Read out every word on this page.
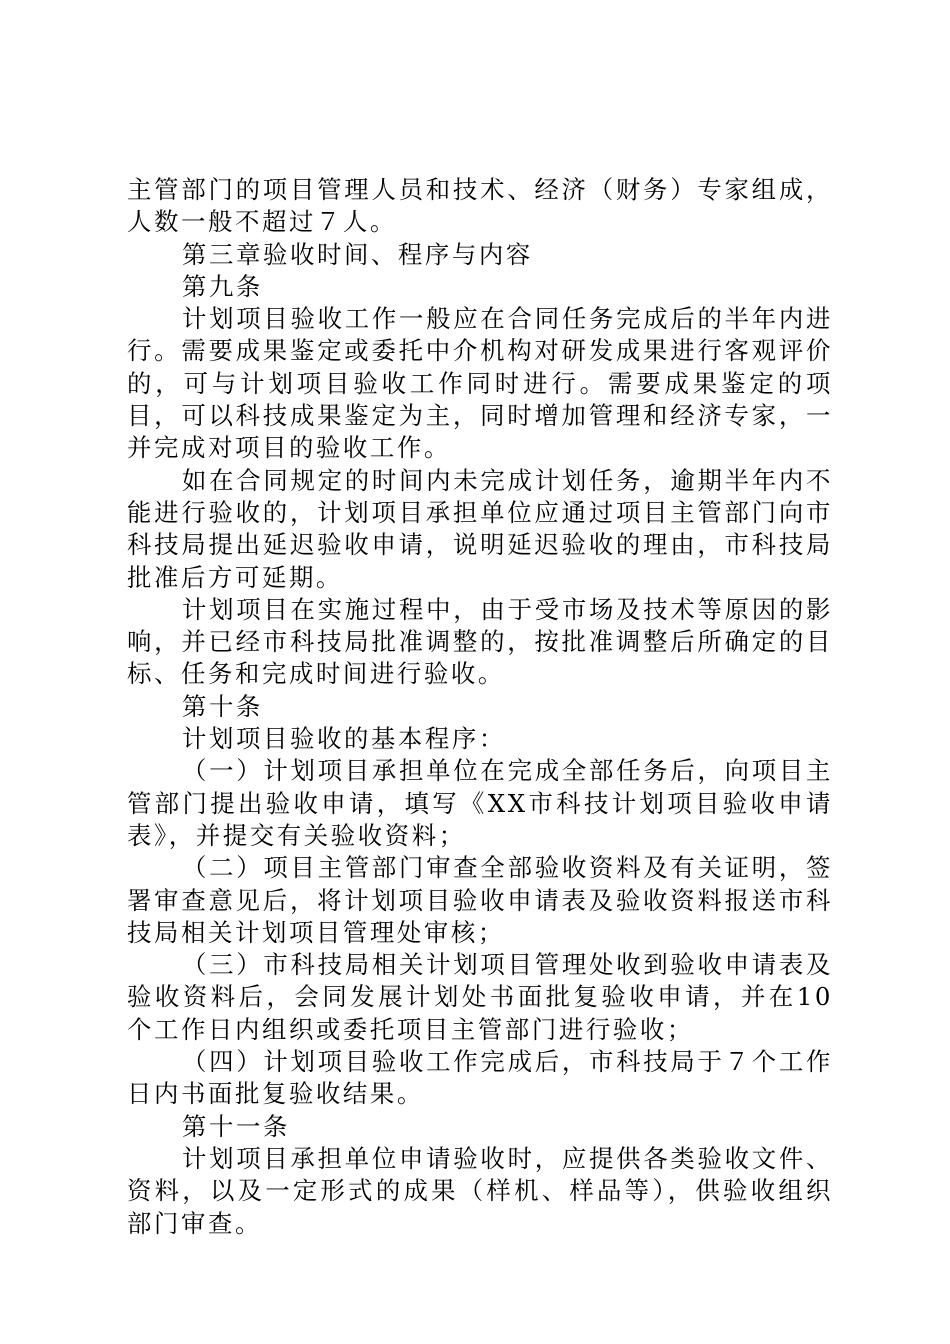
主管部门的项目管理人员和技术、经济（财务）专家组成，人数一般不超过７人。

第三章验收时间、程序与内容

第九条

计划项目验收工作一般应在合同任务完成后的半年内进行。需要成果鉴定或委托中介机构对研发成果进行客观评价的，可与计划项目验收工作同时进行。需要成果鉴定的项目，可以科技成果鉴定为主，同时增加管理和经济专家，一并完成对项目的验收工作。

如在合同规定的时间内未完成计划任务，逾期半年内不能进行验收的，计划项目承担单位应通过项目主管部门向市科技局提出延迟验收申请，说明延迟验收的理由，市科技局批准后方可延期。

计划项目在实施过程中，由于受市场及技术等原因的影响，并已经市科技局批准调整的，按批准调整后所确定的目标、任务和完成时间进行验收。

第十条

计划项目验收的基本程序：

（一）计划项目承担单位在完成全部任务后，向项目主管部门提出验收申请，填写《XX市科技计划项目验收申请表》，并提交有关验收资料；

（二）项目主管部门审查全部验收资料及有关证明，签署审查意见后，将计划项目验收申请表及验收资料报送市科技局相关计划项目管理处审核；

（三）市科技局相关计划项目管理处收到验收申请表及验收资料后，会同发展计划处书面批复验收申请，并在10个工作日内组织或委托项目主管部门进行验收；

（四）计划项目验收工作完成后，市科技局于７个工作日内书面批复验收结果。

第十一条

计划项目承担单位申请验收时，应提供各类验收文件、资料，以及一定形式的成果（样机、样品等），供验收组织部门审查。
